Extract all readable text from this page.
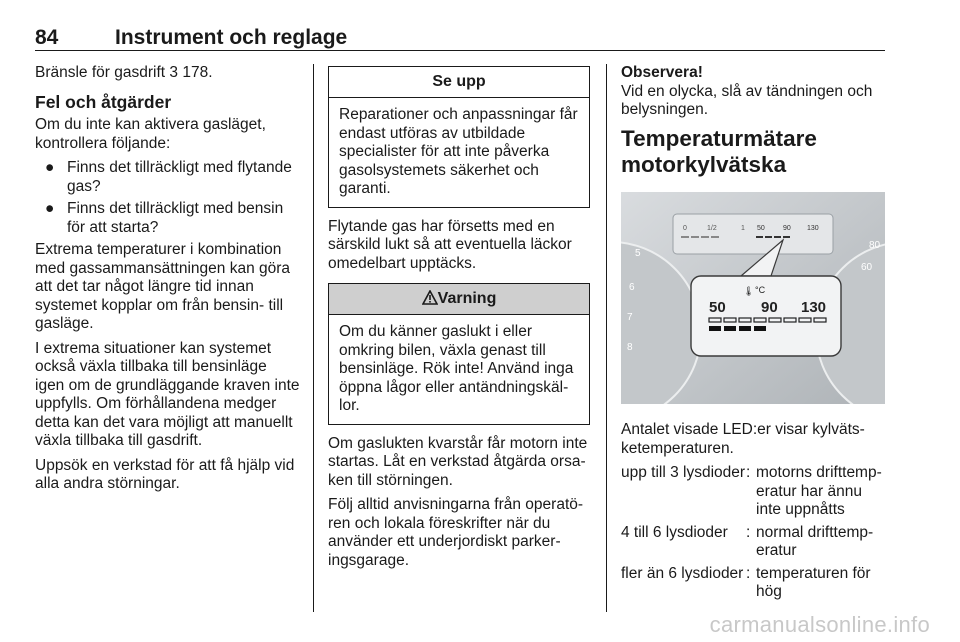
84	Instrument och reglage

Bränsle för gasdrift 3 178.

Fel och åtgärder

Om du inte kan aktivera gasläget, kontrollera följande:

● Finns det tillräckligt med flytande gas?
● Finns det tillräckligt med bensin för att starta?

Extrema temperaturer i kombination med gassammansättningen kan göra att det tar något längre tid innan systemet kopplar om från bensin- till gasläge.

I extrema situationer kan systemet också växla tillbaka till bensinläge igen om de grundläggande kraven inte uppfylls. Om förhållandena medger detta kan det vara möjligt att manuellt växla tillbaka till gasdrift.

Uppsök en verkstad för att få hjälp vid alla andra störningar.

Se upp
Reparationer och anpassningar får endast utföras av utbildade specialister för att inte påverka gasolsystemets säkerhet och garanti.

Flytande gas har försetts med en särskild lukt så att eventuella läckor omedelbart upptäcks.

Varning
Om du känner gaslukt i eller omkring bilen, växla genast till bensinläge. Rök inte! Använd inga öppna lågor eller antändningskällor.

Om gaslukten kvarstår får motorn inte startas. Låt en verkstad åtgärda orsaken till störningen.

Följ alltid anvisningarna från operatören och lokala föreskrifter när du använder ett underjordiskt parkeringsgarage.

Observera!
Vid en olycka, slå av tändningen och belysningen.

Temperaturmätare motorkylvätska
5
6
7
8
60
80
0	1/2	1 50	90 130
🌡 °C
50 90 130

Antalet visade LED:er visar kylvätsketemperaturen.

upp till 3 lysdioder : motorns drifttemperatur har ännu inte uppnåtts
4 till 6 lysdioder	: normal drifttemperatur
fler än 6 lysdioder : temperaturen för hög
carmanualsonline.info
